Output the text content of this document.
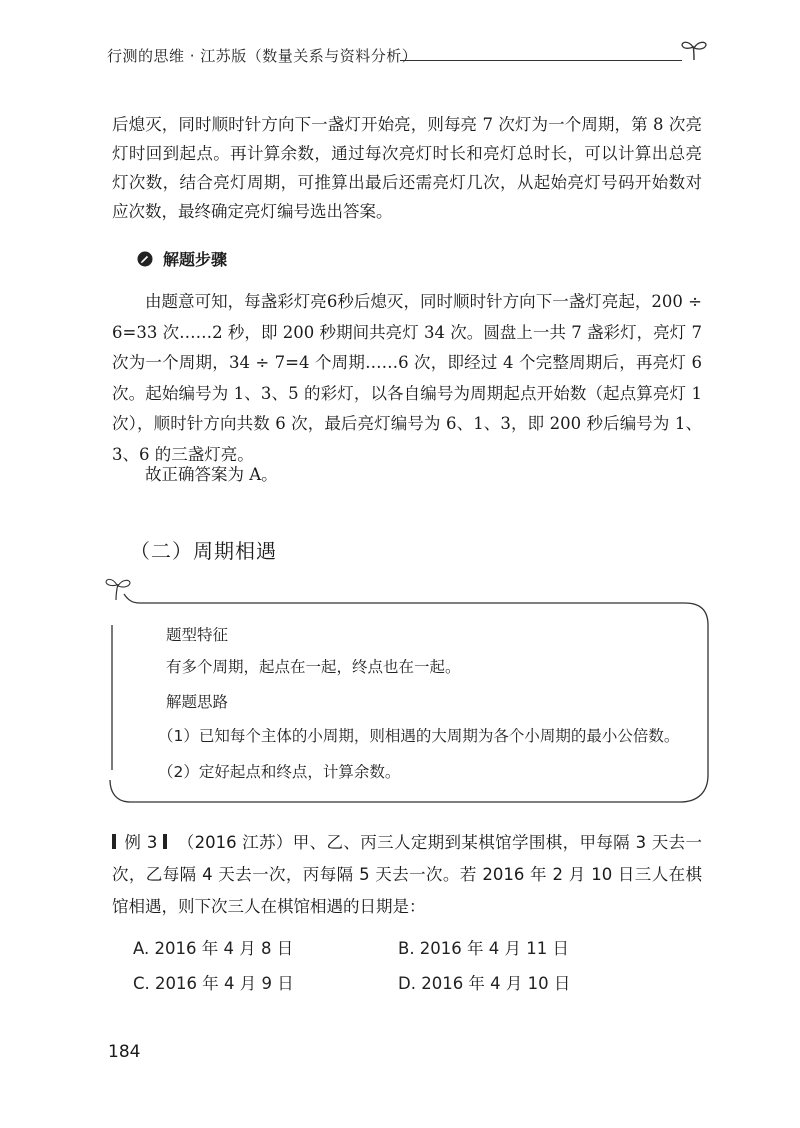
行测的思维 · 江苏版（数量关系与资料分析）
后熄灭，同时顺时针方向下一盏灯开始亮，则每亮 7 次灯为一个周期，第 8 次亮灯时回到起点。再计算余数，通过每次亮灯时长和亮灯总时长，可以计算出总亮灯次数，结合亮灯周期，可推算出最后还需亮灯几次，从起始亮灯号码开始数对应次数，最终确定亮灯编号选出答案。
解题步骤
由题意可知，每盏彩灯亮6秒后熄灭，同时顺时针方向下一盏灯亮起，200 ÷ 6=33 次……2 秒，即 200 秒期间共亮灯 34 次。圆盘上一共 7 盏彩灯，亮灯 7 次为一个周期，34 ÷ 7=4 个周期……6 次，即经过 4 个完整周期后，再亮灯 6 次。起始编号为 1、3、5 的彩灯，以各自编号为周期起点开始数（起点算亮灯 1 次），顺时针方向共数 6 次，最后亮灯编号为 6、1、3，即 200 秒后编号为 1、3、6 的三盏灯亮。
故正确答案为 A。
（二）周期相遇
题型特征
有多个周期，起点在一起，终点也在一起。
解题思路
（1）已知每个主体的小周期，则相遇的大周期为各个小周期的最小公倍数。
（2）定好起点和终点，计算余数。
例 3 （2016 江苏）甲、乙、丙三人定期到某棋馆学围棋，甲每隔 3 天去一次，乙每隔 4 天去一次，丙每隔 5 天去一次。若 2016 年 2 月 10 日三人在棋馆相遇，则下次三人在棋馆相遇的日期是：
A. 2016 年 4 月 8 日	B. 2016 年 4 月 11 日
C. 2016 年 4 月 9 日	D. 2016 年 4 月 10 日
184
